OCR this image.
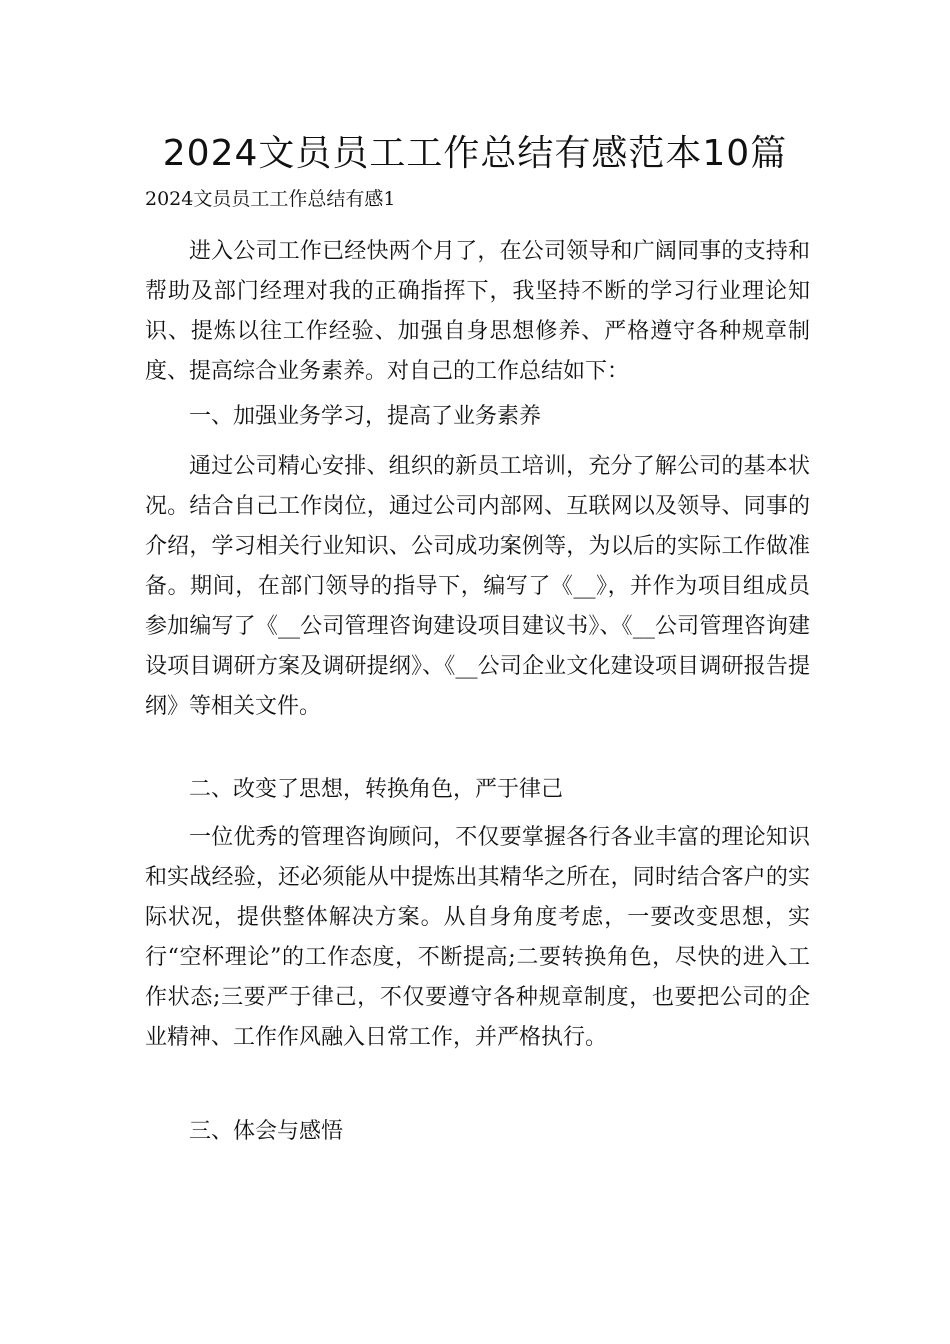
2024文员员工工作总结有感范本10篇
2024文员员工工作总结有感1

进入公司工作已经快两个月了，在公司领导和广阔同事的支持和帮助及部门经理对我的正确指挥下，我坚持不断的学习行业理论知识、提炼以往工作经验、加强自身思想修养、严格遵守各种规章制度、提高综合业务素养。对自己的工作总结如下：

一、加强业务学习，提高了业务素养

通过公司精心安排、组织的新员工培训，充分了解公司的基本状况。结合自己工作岗位，通过公司内部网、互联网以及领导、同事的介绍，学习相关行业知识、公司成功案例等，为以后的实际工作做准备。期间，在部门领导的指导下，编写了《__》，并作为项目组成员参加编写了《__公司管理咨询建设项目建议书》、《__公司管理咨询建设项目调研方案及调研提纲》、《__公司企业文化建设项目调研报告提纲》等相关文件。

二、改变了思想，转换角色，严于律己

一位优秀的管理咨询顾问，不仅要掌握各行各业丰富的理论知识和实战经验，还必须能从中提炼出其精华之所在，同时结合客户的实际状况，提供整体解决方案。从自身角度考虑，一要改变思想，实行“空杯理论”的工作态度，不断提高;二要转换角色，尽快的进入工作状态;三要严于律己，不仅要遵守各种规章制度，也要把公司的企业精神、工作作风融入日常工作，并严格执行。

三、体会与感悟
